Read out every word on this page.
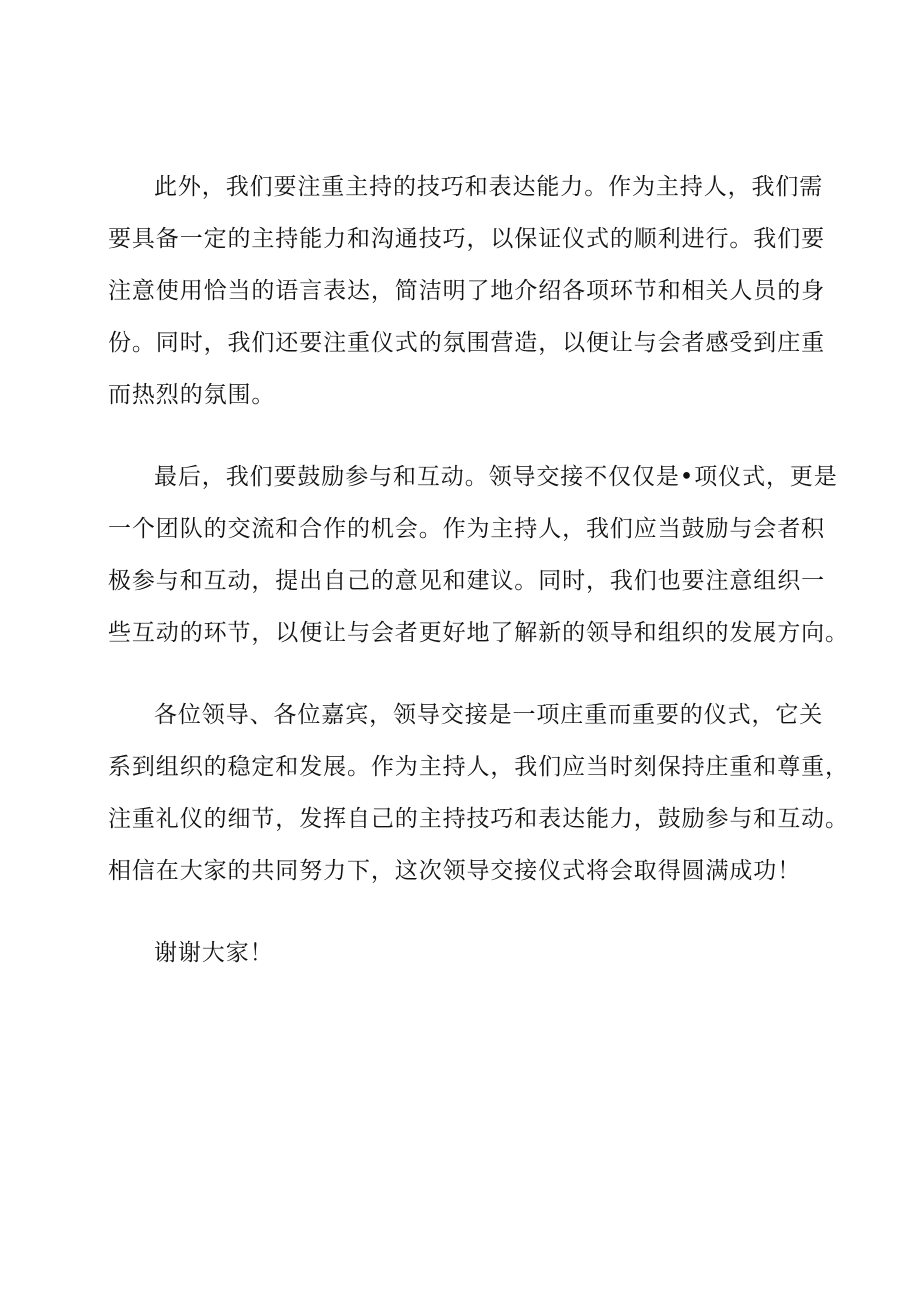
此外，我们要注重主持的技巧和表达能力。作为主持人，我们需
要具备一定的主持能力和沟通技巧，以保证仪式的顺利进行。我们要
注意使用恰当的语言表达，简洁明了地介绍各项环节和相关人员的身
份。同时，我们还要注重仪式的氛围营造，以便让与会者感受到庄重
而热烈的氛围。
最后，我们要鼓励参与和互动。领导交接不仅仅是•项仪式，更是
一个团队的交流和合作的机会。作为主持人，我们应当鼓励与会者积
极参与和互动，提出自己的意见和建议。同时，我们也要注意组织一
些互动的环节，以便让与会者更好地了解新的领导和组织的发展方向。
各位领导、各位嘉宾，领导交接是一项庄重而重要的仪式，它关
系到组织的稳定和发展。作为主持人，我们应当时刻保持庄重和尊重，
注重礼仪的细节，发挥自己的主持技巧和表达能力，鼓励参与和互动。
相信在大家的共同努力下，这次领导交接仪式将会取得圆满成功！
谢谢大家！
